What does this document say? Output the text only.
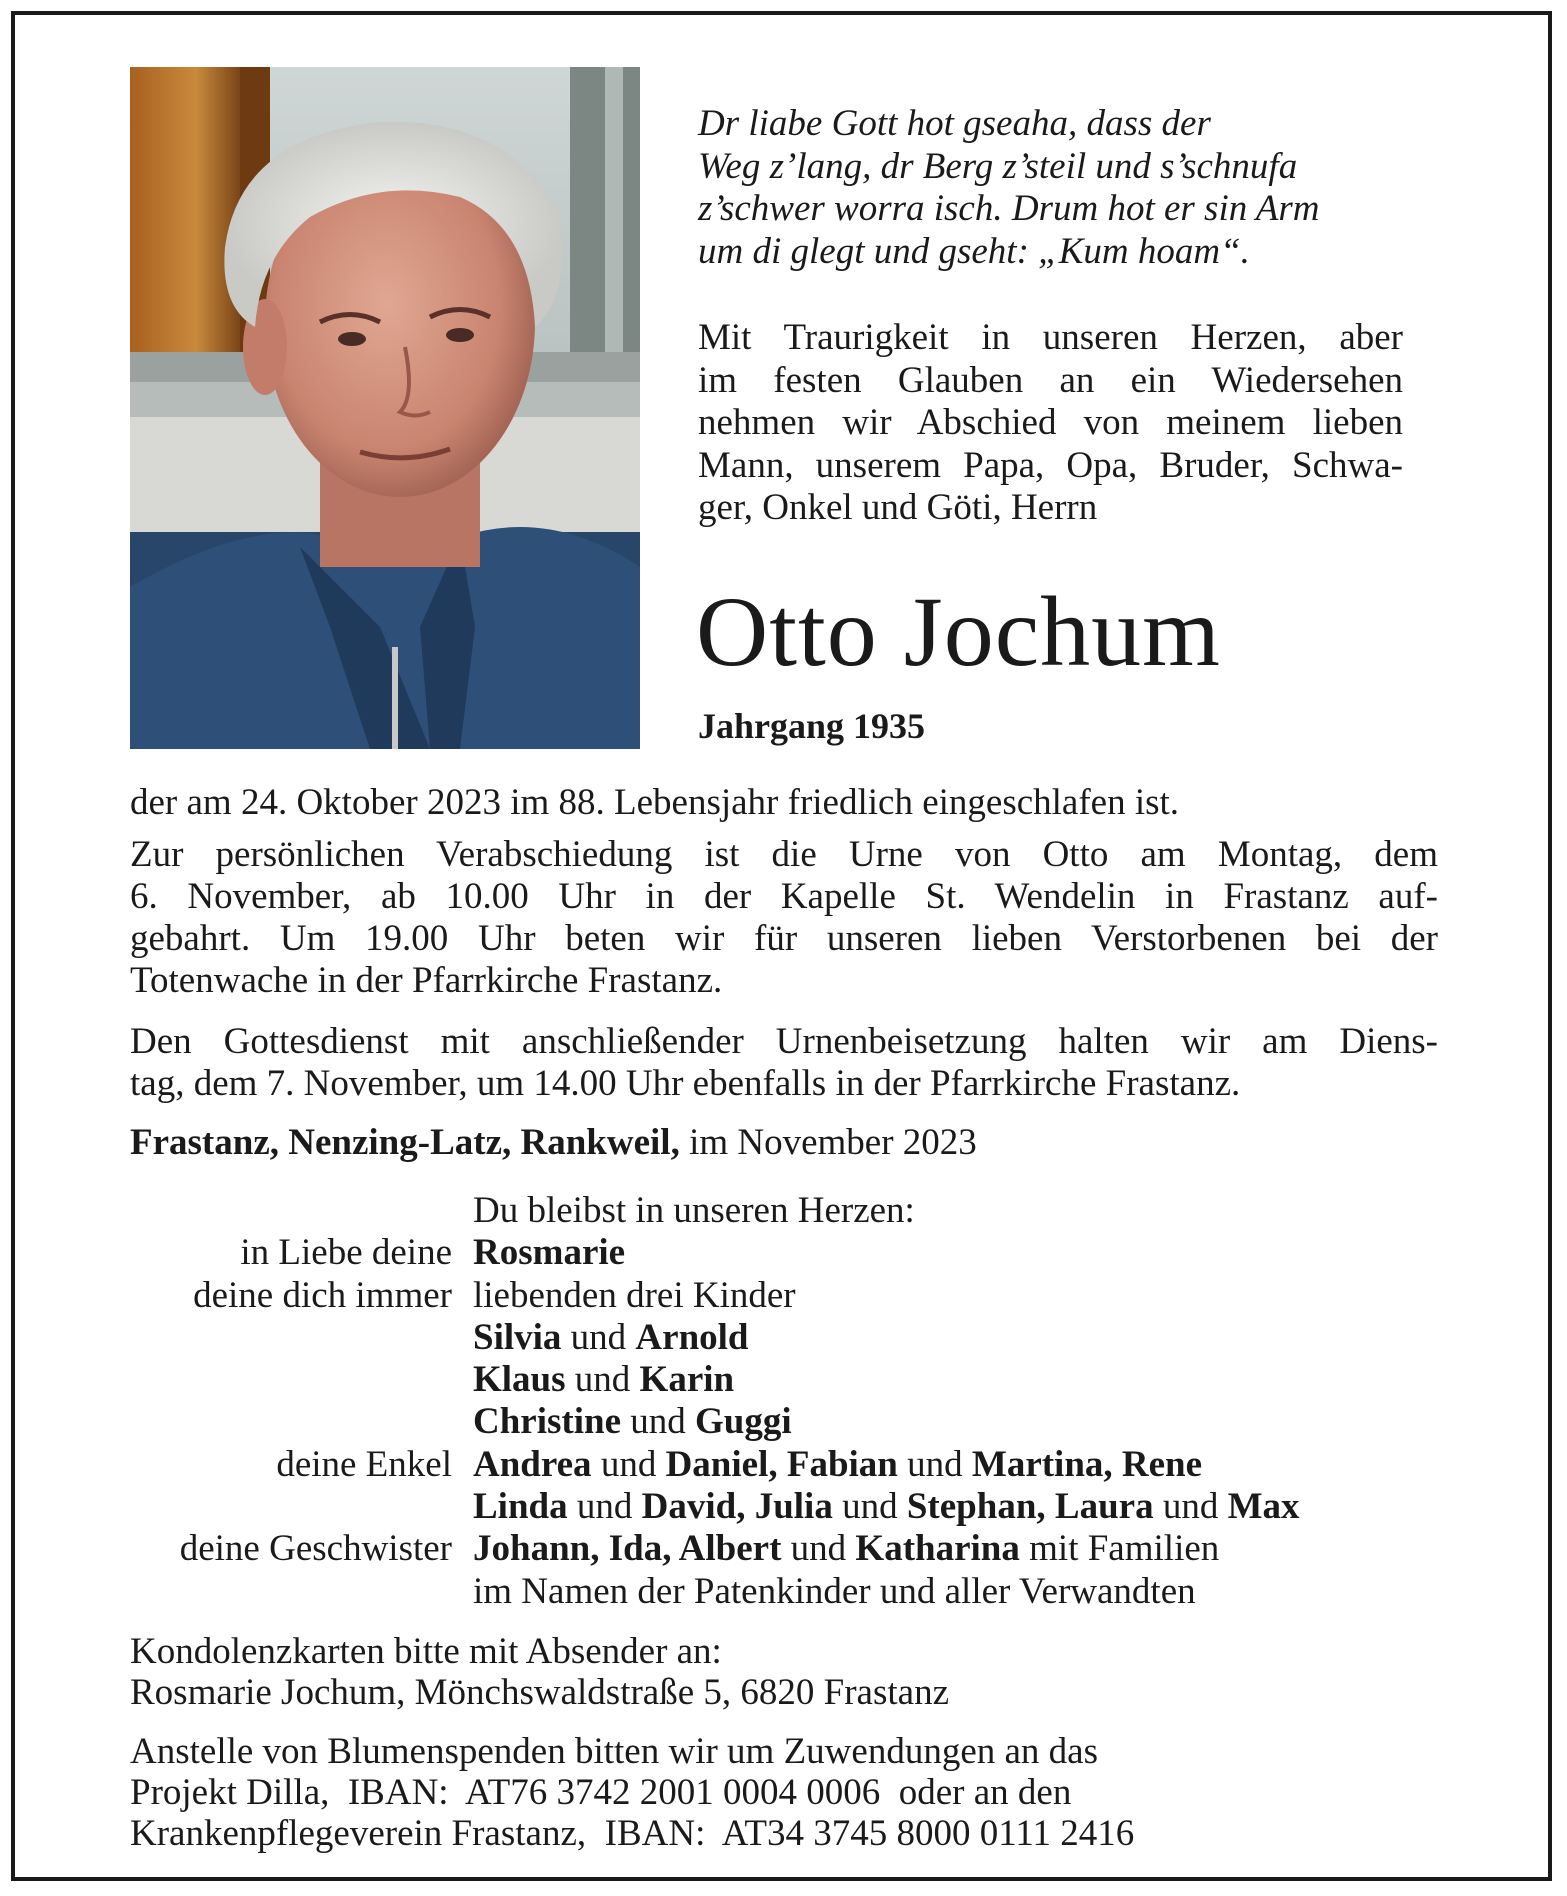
Dr liabe Gott hot gseaha, dass der
Weg z’lang, dr Berg z’steil und s’schnufa
z’schwer worra isch. Drum hot er sin Arm
um di glegt und gseht: „Kum hoam“.
Mit Traurigkeit in unseren Herzen, aber
im festen Glauben an ein Wiedersehen
nehmen wir Abschied von meinem lieben
Mann, unserem Papa, Opa, Bruder, Schwa-
ger, Onkel und Göti, Herrn
Otto Jochum
Jahrgang 1935
der am 24. Oktober 2023 im 88. Lebensjahr friedlich eingeschlafen ist.
Zur persönlichen Verabschiedung ist die Urne von Otto am Montag, dem
6. November, ab 10.00 Uhr in der Kapelle St. Wendelin in Frastanz auf-
gebahrt. Um 19.00 Uhr beten wir für unseren lieben Verstorbenen bei der
Totenwache in der Pfarrkirche Frastanz.
Den Gottesdienst mit anschließender Urnenbeisetzung halten wir am Diens-
tag, dem 7. November, um 14.00 Uhr ebenfalls in der Pfarrkirche Frastanz.
Frastanz, Nenzing-Latz, Rankweil, im November 2023
Du bleibst in unseren Herzen:
in Liebe deine Rosmarie
deine dich immer liebenden drei Kinder
Silvia und Arnold
Klaus und Karin
Christine und Guggi
deine Enkel Andrea und Daniel, Fabian und Martina, Rene
Linda und David, Julia und Stephan, Laura und Max
deine Geschwister Johann, Ida, Albert und Katharina mit Familien
im Namen der Patenkinder und aller Verwandten
Kondolenzkarten bitte mit Absender an:
Rosmarie Jochum, Mönchswaldstraße 5, 6820 Frastanz
Anstelle von Blumenspenden bitten wir um Zuwendungen an das
Projekt Dilla,  IBAN:  AT76 3742 2001 0004 0006  oder an den
Krankenpflegeverein Frastanz,  IBAN:  AT34 3745 8000 0111 2416
